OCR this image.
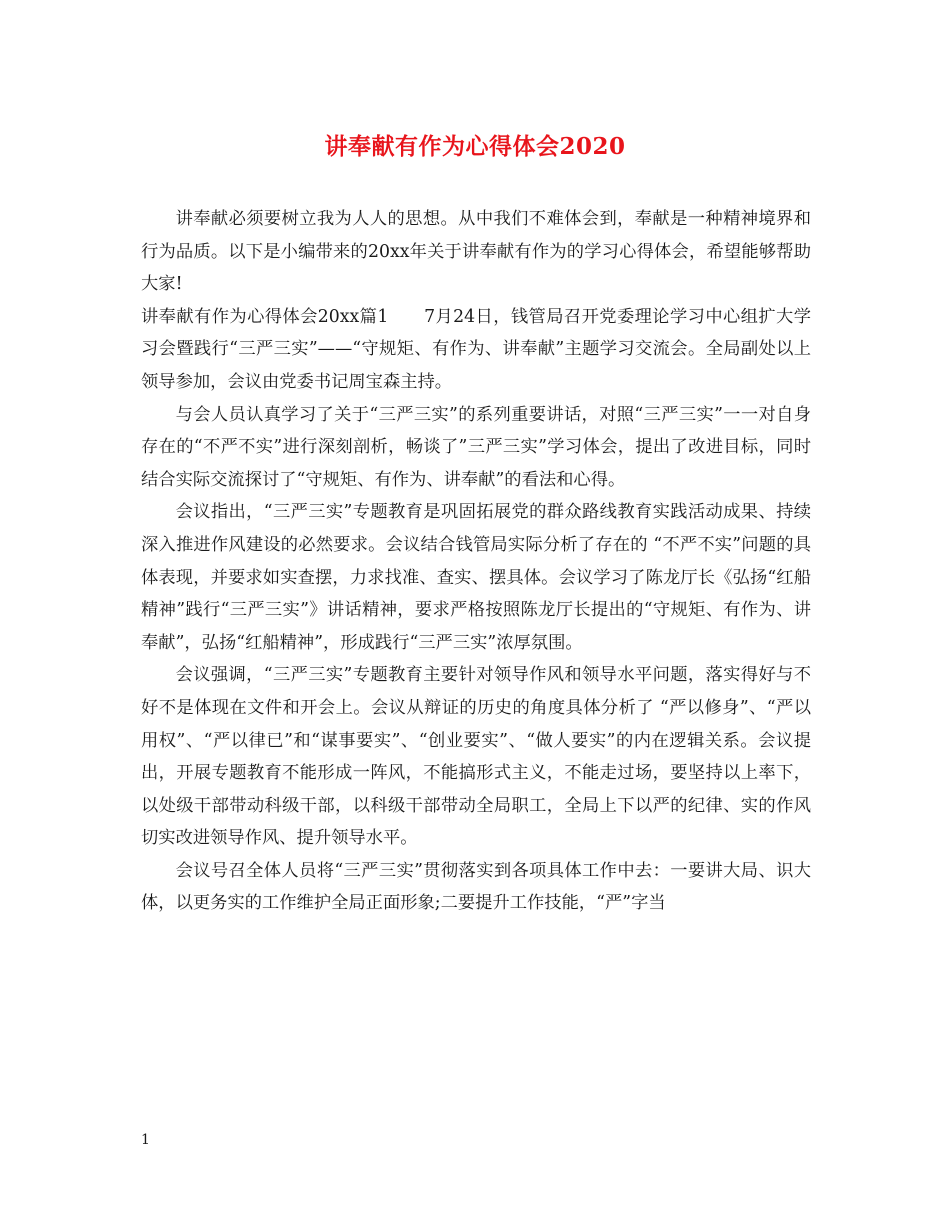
讲奉献有作为心得体会2020

讲奉献必须要树立我为人人的思想。从中我们不难体会到，奉献是一种精神境界和行为品质。以下是小编带来的20xx年关于讲奉献有作为的学习心得体会，希望能够帮助大家!

讲奉献有作为心得体会20xx篇1　　7月24日，钱管局召开党委理论学习中心组扩大学习会暨践行“三严三实”——“守规矩、有作为、讲奉献”主题学习交流会。全局副处以上领导参加，会议由党委书记周宝森主持。

与会人员认真学习了关于“三严三实”的系列重要讲话，对照“三严三实”一一对自身存在的“不严不实”进行深刻剖析，畅谈了”三严三实”学习体会，提出了改进目标，同时结合实际交流探讨了“守规矩、有作为、讲奉献”的看法和心得。

会议指出，“三严三实”专题教育是巩固拓展党的群众路线教育实践活动成果、持续深入推进作风建设的必然要求。会议结合钱管局实际分析了存在的 “不严不实”问题的具体表现，并要求如实查摆，力求找准、查实、摆具体。会议学习了陈龙厅长《弘扬“红船精神”践行“三严三实”》讲话精神，要求严格按照陈龙厅长提出的“守规矩、有作为、讲奉献”，弘扬“红船精神”，形成践行“三严三实”浓厚氛围。

会议强调，“三严三实”专题教育主要针对领导作风和领导水平问题，落实得好与不好不是体现在文件和开会上。会议从辩证的历史的角度具体分析了 “严以修身”、“严以用权”、“严以律已”和“谋事要实”、“创业要实”、“做人要实”的内在逻辑关系。会议提出，开展专题教育不能形成一阵风，不能搞形式主义，不能走过场，要坚持以上率下，以处级干部带动科级干部，以科级干部带动全局职工，全局上下以严的纪律、实的作风切实改进领导作风、提升领导水平。

会议号召全体人员将“三严三实”贯彻落实到各项具体工作中去：一要讲大局、识大体，以更务实的工作维护全局正面形象;二要提升工作技能，“严”字当

1
